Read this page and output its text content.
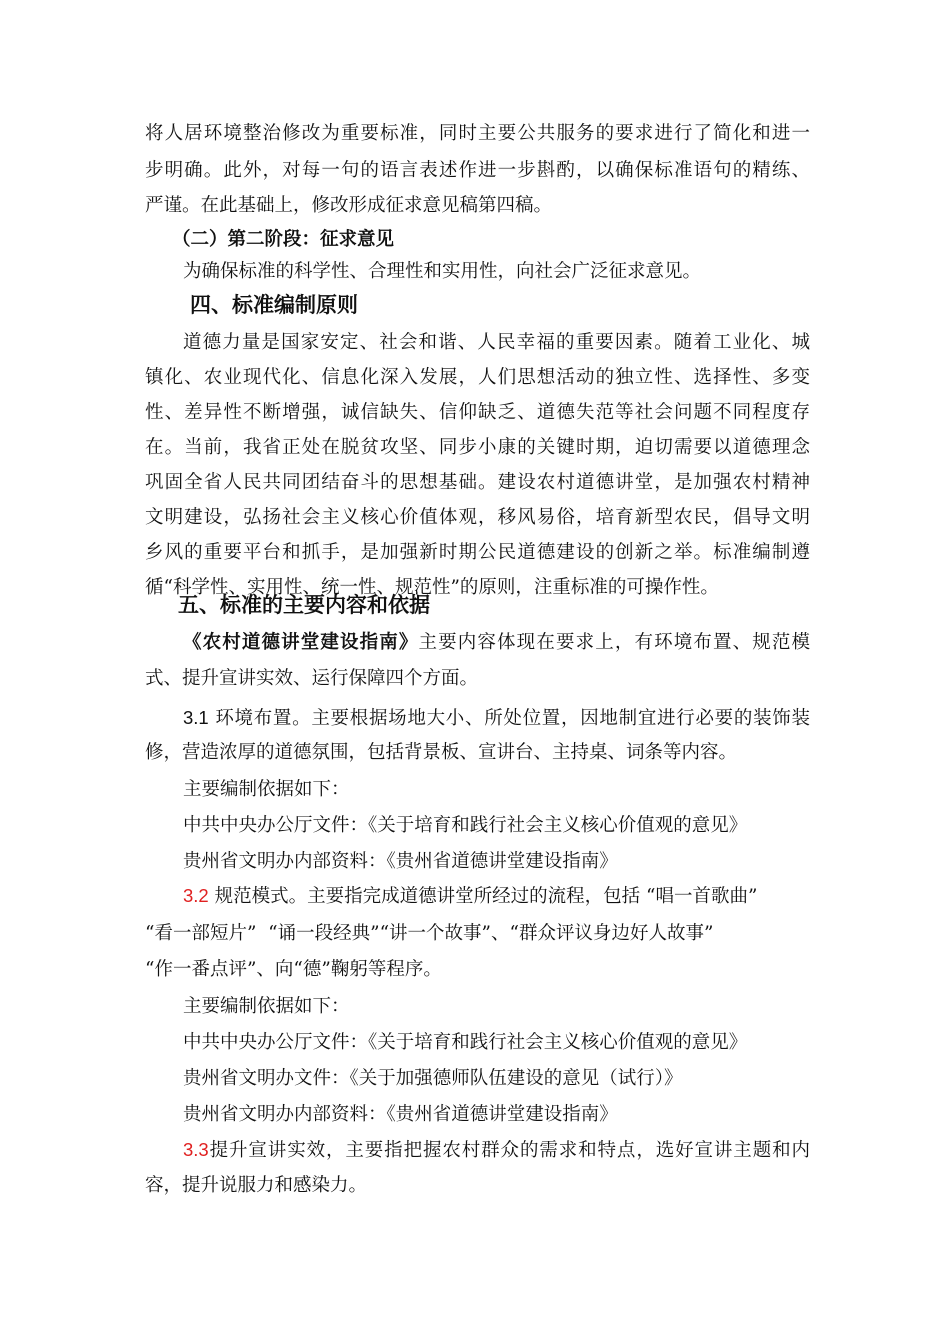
将人居环境整治修改为重要标准，同时主要公共服务的要求进行了简化和进一
步明确。此外，对每一句的语言表述作进一步斟酌，以确保标准语句的精练、
严谨。在此基础上，修改形成征求意见稿第四稿。
（二）第二阶段：征求意见
为确保标准的科学性、合理性和实用性，向社会广泛征求意见。
四、标准编制原则
道德力量是国家安定、社会和谐、人民幸福的重要因素。随着工业化、城
镇化、农业现代化、信息化深入发展，人们思想活动的独立性、选择性、多变
性、差异性不断增强，诚信缺失、信仰缺乏、道德失范等社会问题不同程度存
在。当前，我省正处在脱贫攻坚、同步小康的关键时期，迫切需要以道德理念
巩固全省人民共同团结奋斗的思想基础。建设农村道德讲堂，是加强农村精神
文明建设，弘扬社会主义核心价值体观，移风易俗，培育新型农民，倡导文明
乡风的重要平台和抓手，是加强新时期公民道德建设的创新之举。标准编制遵
循“科学性、实用性、统一性、规范性”的原则，注重标准的可操作性。
五、标准的主要内容和依据
《农村道德讲堂建设指南》主要内容体现在要求上，有环境布置、规范模
式、提升宣讲实效、运行保障四个方面。
3.1 环境布置。主要根据场地大小、所处位置，因地制宜进行必要的装饰装
修，营造浓厚的道德氛围，包括背景板、宣讲台、主持桌、词条等内容。
主要编制依据如下：
中共中央办公厅文件：《关于培育和践行社会主义核心价值观的意见》
贵州省文明办内部资料：《贵州省道德讲堂建设指南》
3.2 规范模式。主要指完成道德讲堂所经过的流程，包括 “唱一首歌曲”
“看一部短片”  “诵一段经典”“讲一个故事”、“群众评议身边好人故事”
“作一番点评”、向“德”鞠躬等程序。
主要编制依据如下：
中共中央办公厅文件：《关于培育和践行社会主义核心价值观的意见》
贵州省文明办文件：《关于加强德师队伍建设的意见（试行）》
贵州省文明办内部资料：《贵州省道德讲堂建设指南》
3.3提升宣讲实效，主要指把握农村群众的需求和特点，选好宣讲主题和内
容，提升说服力和感染力。
